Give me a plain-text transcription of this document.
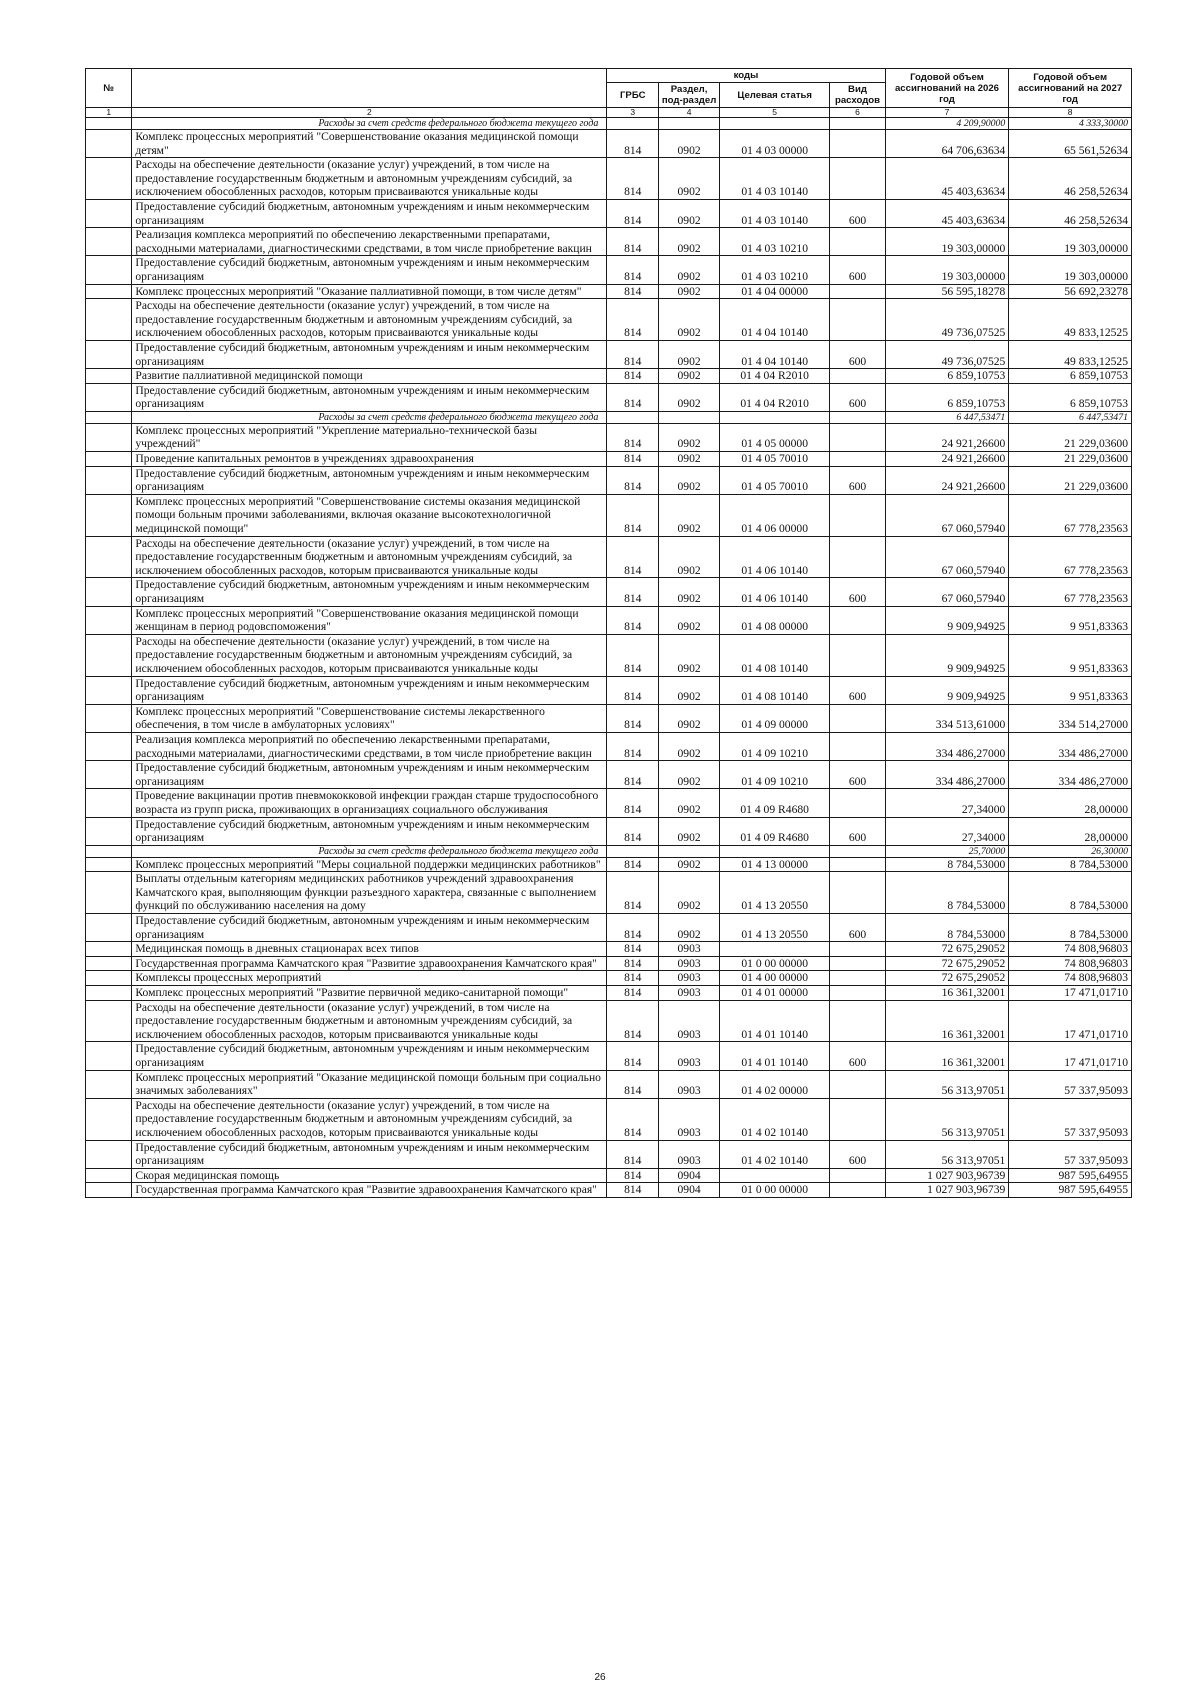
№		коды				Годовой объем ассигнований на 2026 год	Годовой объем ассигнований на 2027 год
		ГРБС	Раздел, под-раздел	Целевая статья	Вид расходов		
1	2	3	4	5	6	7	8
	Расходы за счет средств федерального бюджета текущего года					4 209,90000	4 333,30000
	Комплекс процессных мероприятий "Совершенствование оказания медицинской помощи детям"	814	0902	01 4 03 00000		64 706,63634	65 561,52634
	Расходы на обеспечение деятельности (оказание услуг) учреждений, в том числе на предоставление государственным бюджетным и автономным учреждениям субсидий, за исключением обособленных расходов, которым присваиваются уникальные коды	814	0902	01 4 03 10140		45 403,63634	46 258,52634
	Предоставление субсидий бюджетным, автономным учреждениям и иным некоммерческим организациям	814	0902	01 4 03 10140	600	45 403,63634	46 258,52634
	Реализация комплекса мероприятий по обеспечению лекарственными препаратами, расходными материалами, диагностическими средствами, в том числе приобретение вакцин	814	0902	01 4 03 10210		19 303,00000	19 303,00000
	Предоставление субсидий бюджетным, автономным учреждениям и иным некоммерческим организациям	814	0902	01 4 03 10210	600	19 303,00000	19 303,00000
	Комплекс процессных мероприятий "Оказание паллиативной помощи, в том числе детям"	814	0902	01 4 04 00000		56 595,18278	56 692,23278
	Расходы на обеспечение деятельности (оказание услуг) учреждений, в том числе на предоставление государственным бюджетным и автономным учреждениям субсидий, за исключением обособленных расходов, которым присваиваются уникальные коды	814	0902	01 4 04 10140		49 736,07525	49 833,12525
	Предоставление субсидий бюджетным, автономным учреждениям и иным некоммерческим организациям	814	0902	01 4 04 10140	600	49 736,07525	49 833,12525
	Развитие паллиативной медицинской помощи	814	0902	01 4 04 R2010		6 859,10753	6 859,10753
	Предоставление субсидий бюджетным, автономным учреждениям и иным некоммерческим организациям	814	0902	01 4 04 R2010	600	6 859,10753	6 859,10753
	Расходы за счет средств федерального бюджета текущего года					6 447,53471	6 447,53471
	Комплекс процессных мероприятий "Укрепление материально-технической базы учреждений"	814	0902	01 4 05 00000		24 921,26600	21 229,03600
	Проведение капитальных ремонтов в учреждениях здравоохранения	814	0902	01 4 05 70010		24 921,26600	21 229,03600
	Предоставление субсидий бюджетным, автономным учреждениям и иным некоммерческим организациям	814	0902	01 4 05 70010	600	24 921,26600	21 229,03600
	Комплекс процессных мероприятий "Совершенствование системы оказания медицинской помощи больным прочими заболеваниями, включая оказание высокотехнологичной медицинской помощи"	814	0902	01 4 06 00000		67 060,57940	67 778,23563
	Расходы на обеспечение деятельности (оказание услуг) учреждений, в том числе на предоставление государственным бюджетным и автономным учреждениям субсидий, за исключением обособленных расходов, которым присваиваются уникальные коды	814	0902	01 4 06 10140		67 060,57940	67 778,23563
	Предоставление субсидий бюджетным, автономным учреждениям и иным некоммерческим организациям	814	0902	01 4 06 10140	600	67 060,57940	67 778,23563
	Комплекс процессных мероприятий "Совершенствование оказания медицинской помощи женщинам в период родовспоможения"	814	0902	01 4 08 00000		9 909,94925	9 951,83363
	Расходы на обеспечение деятельности (оказание услуг) учреждений, в том числе на предоставление государственным бюджетным и автономным учреждениям субсидий, за исключением обособленных расходов, которым присваиваются уникальные коды	814	0902	01 4 08 10140		9 909,94925	9 951,83363
	Предоставление субсидий бюджетным, автономным учреждениям и иным некоммерческим организациям	814	0902	01 4 08 10140	600	9 909,94925	9 951,83363
	Комплекс процессных мероприятий "Совершенствование системы лекарственного обеспечения, в том числе в амбулаторных условиях"	814	0902	01 4 09 00000		334 513,61000	334 514,27000
	Реализация комплекса мероприятий по обеспечению лекарственными препаратами, расходными материалами, диагностическими средствами, в том числе приобретение вакцин	814	0902	01 4 09 10210		334 486,27000	334 486,27000
	Предоставление субсидий бюджетным, автономным учреждениям и иным некоммерческим организациям	814	0902	01 4 09 10210	600	334 486,27000	334 486,27000
	Проведение вакцинации против пневмококковой инфекции граждан старше трудоспособного возраста из групп риска, проживающих в организациях социального обслуживания	814	0902	01 4 09 R4680		27,34000	28,00000
	Предоставление субсидий бюджетным, автономным учреждениям и иным некоммерческим организациям	814	0902	01 4 09 R4680	600	27,34000	28,00000
	Расходы за счет средств федерального бюджета текущего года					25,70000	26,30000
	Комплекс процессных мероприятий "Меры социальной поддержки медицинских работников"	814	0902	01 4 13 00000		8 784,53000	8 784,53000
	Выплаты отдельным категориям медицинских работников учреждений здравоохранения Камчатского края, выполняющим функции разъездного характера, связанные с выполнением функций по обслуживанию населения на дому	814	0902	01 4 13 20550		8 784,53000	8 784,53000
	Предоставление субсидий бюджетным, автономным учреждениям и иным некоммерческим организациям	814	0902	01 4 13 20550	600	8 784,53000	8 784,53000
	Медицинская помощь в дневных стационарах всех типов	814	0903			72 675,29052	74 808,96803
	Государственная программа Камчатского края "Развитие здравоохранения Камчатского края"	814	0903	01 0 00 00000		72 675,29052	74 808,96803
	Комплексы процессных мероприятий	814	0903	01 4 00 00000		72 675,29052	74 808,96803
	Комплекс процессных мероприятий "Развитие первичной медико-санитарной помощи"	814	0903	01 4 01 00000		16 361,32001	17 471,01710
	Расходы на обеспечение деятельности (оказание услуг) учреждений, в том числе на предоставление государственным бюджетным и автономным учреждениям субсидий, за исключением обособленных расходов, которым присваиваются уникальные коды	814	0903	01 4 01 10140		16 361,32001	17 471,01710
	Предоставление субсидий бюджетным, автономным учреждениям и иным некоммерческим организациям	814	0903	01 4 01 10140	600	16 361,32001	17 471,01710
	Комплекс процессных мероприятий "Оказание медицинской помощи больным при социально значимых заболеваниях"	814	0903	01 4 02 00000		56 313,97051	57 337,95093
	Расходы на обеспечение деятельности (оказание услуг) учреждений, в том числе на предоставление государственным бюджетным и автономным учреждениям субсидий, за исключением обособленных расходов, которым присваиваются уникальные коды	814	0903	01 4 02 10140		56 313,97051	57 337,95093
	Предоставление субсидий бюджетным, автономным учреждениям и иным некоммерческим организациям	814	0903	01 4 02 10140	600	56 313,97051	57 337,95093
	Скорая медицинская помощь	814	0904			1 027 903,96739	987 595,64955
	Государственная программа Камчатского края "Развитие здравоохранения Камчатского края"	814	0904	01 0 00 00000		1 027 903,96739	987 595,64955
26
